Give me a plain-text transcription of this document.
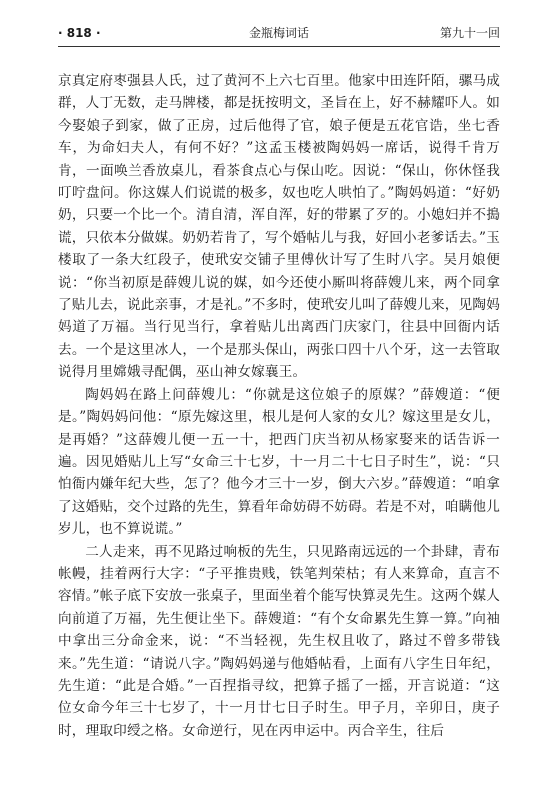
· 818 ·	金瓶梅词话	第九十一回

京真定府枣强县人氏，过了黄河不上六七百里。他家中田连阡陌，骡马成群，人丁无数，走马牌楼，都是抚按明文，圣旨在上，好不赫耀吓人。如今娶娘子到家，做了正房，过后他得了官，娘子便是五花官诰，坐七香车，为命妇夫人，有何不好？”这孟玉楼被陶妈妈一席话，说得千肯万肯，一面唤兰香放桌儿，看茶食点心与保山吃。因说：“保山，你休怪我叮咛盘问。你这媒人们说谎的极多，奴也吃人哄怕了。”陶妈妈道：“好奶奶，只要一个比一个。清自清，浑自浑，好的带累了歹的。小媳妇并不搗谎，只依本分做媒。奶奶若肯了，写个婚帖儿与我，好回小老爹话去。”玉楼取了一条大红段子，使玳安交铺子里傅伙计写了生时八字。吴月娘便说：“你当初原是薛嫂儿说的媒，如今还使小厮叫将薛嫂儿来，两个同拿了贴儿去，说此亲事，才是礼。”不多时，使玳安儿叫了薛嫂儿来，见陶妈妈道了万福。当行见当行，拿着贴儿出离西门庆家门，往县中回衙内话去。一个是这里冰人，一个是那头保山，两张口四十八个牙，这一去管取说得月里嫦娥寻配偶，巫山神女嫁襄王。

陶妈妈在路上问薛嫂儿：“你就是这位娘子的原媒？”薛嫂道：“便是。”陶妈妈问他：“原先嫁这里，根儿是何人家的女儿？嫁这里是女儿，是再婚？”这薛嫂儿便一五一十，把西门庆当初从杨家娶来的话告诉一遍。因见婚贴儿上写“女命三十七岁，十一月二十七日子时生”，说：“只怕衙内嫌年纪大些，怎了？他今才三十一岁，倒大六岁。”薛嫂道：“咱拿了这婚贴，交个过路的先生，算看年命妨碍不妨碍。若是不对，咱瞒他儿岁儿，也不算说谎。”

二人走来，再不见路过响板的先生，只见路南远远的一个卦肆，青布帐幔，挂着两行大字：“子平推贵贱，铁笔判荣枯；有人来算命，直言不容情。”帐子底下安放一张桌子，里面坐着个能写快算灵先生。这两个媒人向前道了万福，先生便让坐下。薛嫂道：“有个女命累先生算一算。”向袖中拿出三分命金来，说：“不当轻视，先生权且收了，路过不曾多带钱来。”先生道：“请说八字。”陶妈妈递与他婚帖看，上面有八字生日年纪，先生道：“此是合婚。”一百捏指寻纹，把算子摇了一摇，开言说道：“这位女命今年三十七岁了，十一月廿七日子时生。甲子月，辛卯日，庚子时，理取印绶之格。女命逆行，见在丙申运中。丙合辛生，往后
